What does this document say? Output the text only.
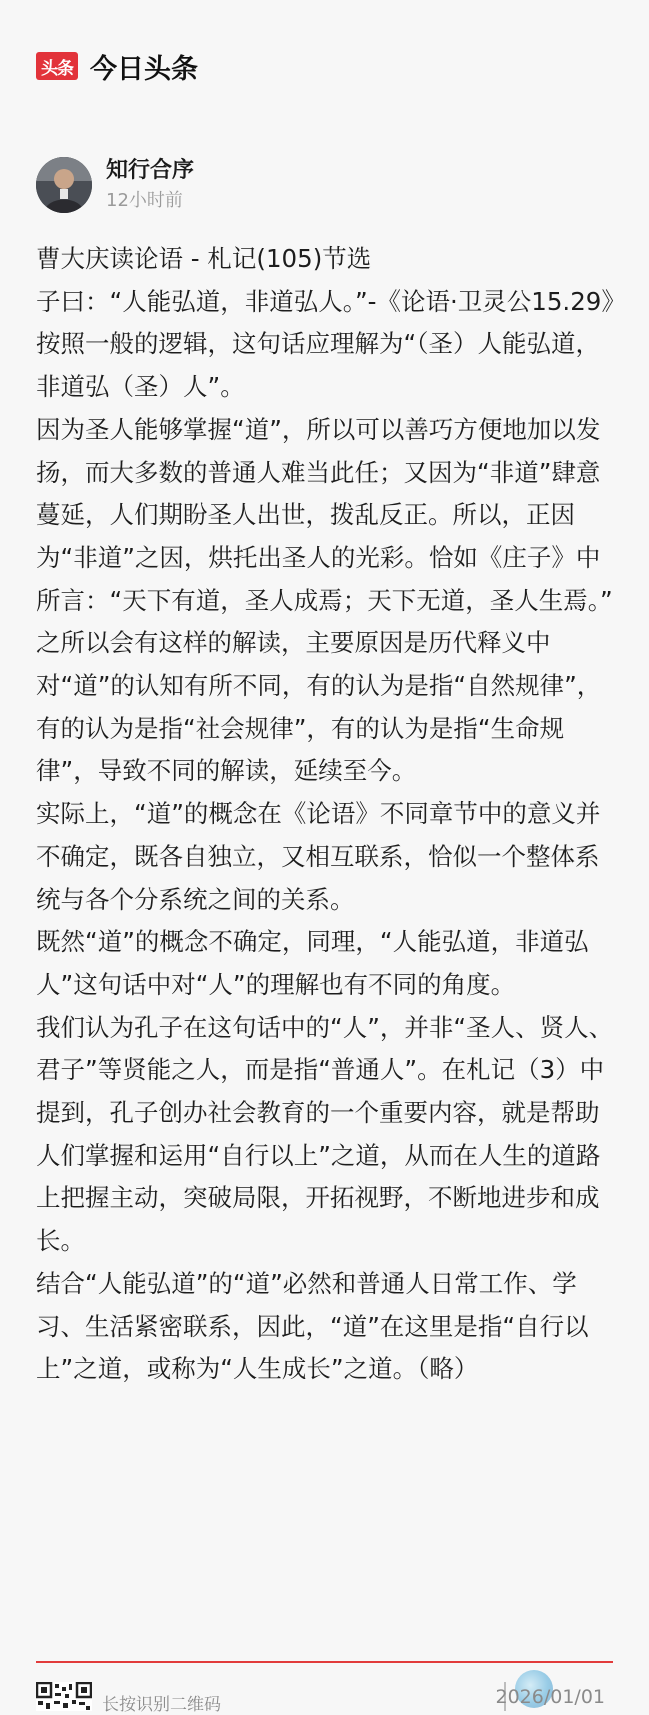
头条 今日头条
知行合序
12小时前

曹大庆读论语 - 札记(105)节选

子曰：“人能弘道，非道弘人。”-《论语·卫灵公15.29》

按照一般的逻辑，这句话应理解为“（圣）人能弘道，非道弘（圣）人”。

因为圣人能够掌握“道”，所以可以善巧方便地加以发扬，而大多数的普通人难当此任；又因为“非道”肆意蔓延，人们期盼圣人出世，拨乱反正。所以，正因为“非道”之因，烘托出圣人的光彩。恰如《庄子》中所言：“天下有道，圣人成焉；天下无道，圣人生焉。”

之所以会有这样的解读，主要原因是历代释义中对“道”的认知有所不同，有的认为是指“自然规律”，有的认为是指“社会规律”，有的认为是指“生命规律”，导致不同的解读，延续至今。

实际上，“道”的概念在《论语》不同章节中的意义并不确定，既各自独立，又相互联系，恰似一个整体系统与各个分系统之间的关系。

既然“道”的概念不确定，同理，“人能弘道，非道弘人”这句话中对“人”的理解也有不同的角度。

我们认为孔子在这句话中的“人”，并非“圣人、贤人、君子”等贤能之人，而是指“普通人”。在札记（3）中提到，孔子创办社会教育的一个重要内容，就是帮助人们掌握和运用“自行以上”之道，从而在人生的道路上把握主动，突破局限，开拓视野，不断地进步和成长。

结合“人能弘道”的“道”必然和普通人日常工作、学习、生活紧密联系，因此，“道”在这里是指“自行以上”之道，或称为“人生成长”之道。（略）

长按识别二维码	2026/01/01
